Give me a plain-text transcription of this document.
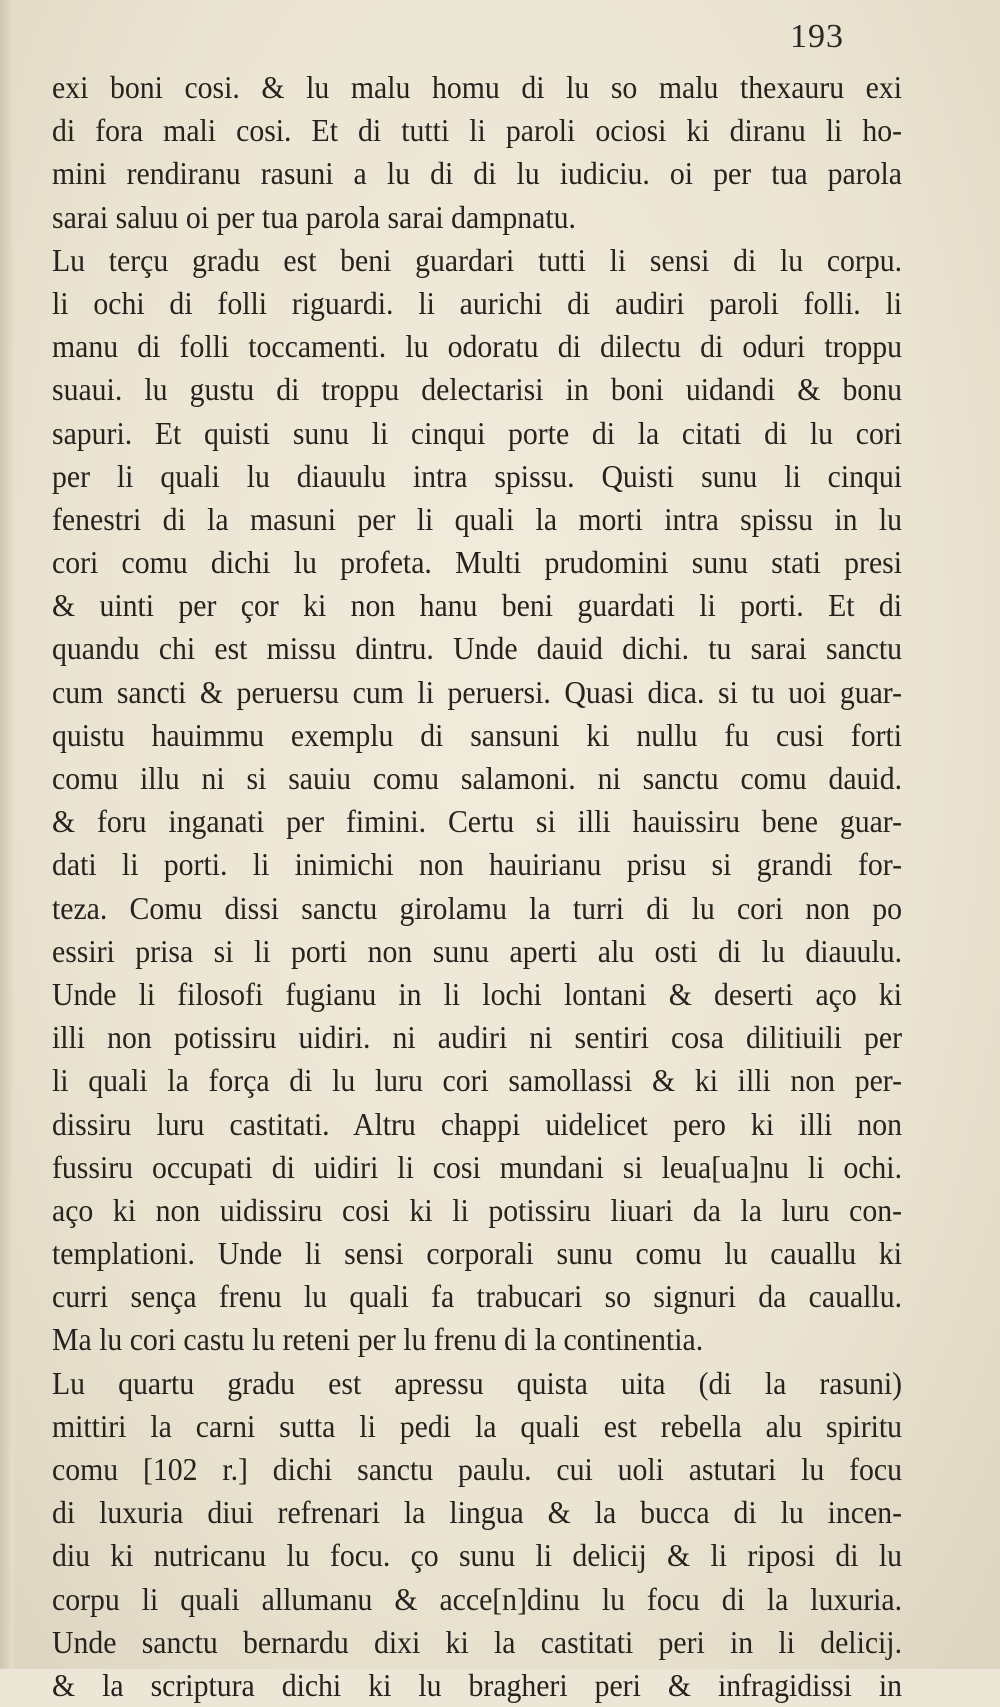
193
exi boni cosi. & lu malu homu di lu so malu thexauru exi
di fora mali cosi. Et di tutti li paroli ociosi ki diranu li ho-
mini rendiranu rasuni a lu di di lu iudiciu. oi per tua parola
sarai saluu oi per tua parola sarai dampnatu.
Lu terçu gradu est beni guardari tutti li sensi di lu corpu.
li ochi di folli riguardi. li aurichi di audiri paroli folli. li
manu di folli toccamenti. lu odoratu di dilectu di oduri troppu
suaui. lu gustu di troppu delectarisi in boni uidandi & bonu
sapuri. Et quisti sunu li cinqui porte di la citati di lu cori
per li quali lu diauulu intra spissu. Quisti sunu li cinqui
fenestri di la masuni per li quali la morti intra spissu in lu
cori comu dichi lu profeta. Multi prudomini sunu stati presi
& uinti per çor ki non hanu beni guardati li porti. Et di
quandu chi est missu dintru. Unde dauid dichi. tu sarai sanctu
cum sancti & peruersu cum li peruersi. Quasi dica. si tu uoi guar-
quistu hauimmu exemplu di sansuni ki nullu fu cusi forti
comu illu ni si sauiu comu salamoni. ni sanctu comu dauid.
& foru inganati per fimini. Certu si illi hauissiru bene guar-
dati li porti. li inimichi non hauirianu prisu si grandi for-
teza. Comu dissi sanctu girolamu la turri di lu cori non po
essiri prisa si li porti non sunu aperti alu osti di lu diauulu.
Unde li filosofi fugianu in li lochi lontani & deserti aço ki
illi non potissiru uidiri. ni audiri ni sentiri cosa dilitiuili per
li quali la força di lu luru cori samollassi & ki illi non per-
dissiru luru castitati. Altru chappi uidelicet pero ki illi non
fussiru occupati di uidiri li cosi mundani si leua[ua]nu li ochi.
aço ki non uidissiru cosi ki li potissiru liuari da la luru con-
templationi. Unde li sensi corporali sunu comu lu cauallu ki
curri sença frenu lu quali fa trabucari so signuri da cauallu.
Ma lu cori castu lu reteni per lu frenu di la continentia.
Lu quartu gradu est apressu quista uita (di la rasuni)
mittiri la carni sutta li pedi la quali est rebella alu spiritu
comu [102 r.] dichi sanctu paulu. cui uoli astutari lu focu
di luxuria diui refrenari la lingua & la bucca di lu incen-
diu ki nutricanu lu focu. ço sunu li delicij & li riposi di lu
corpu li quali allumanu & acce[n]dinu lu focu di la luxuria.
Unde sanctu bernardu dixi ki la castitati peri in li delicij.
& la scriptura dichi ki lu bragheri peri & infragidissi in
